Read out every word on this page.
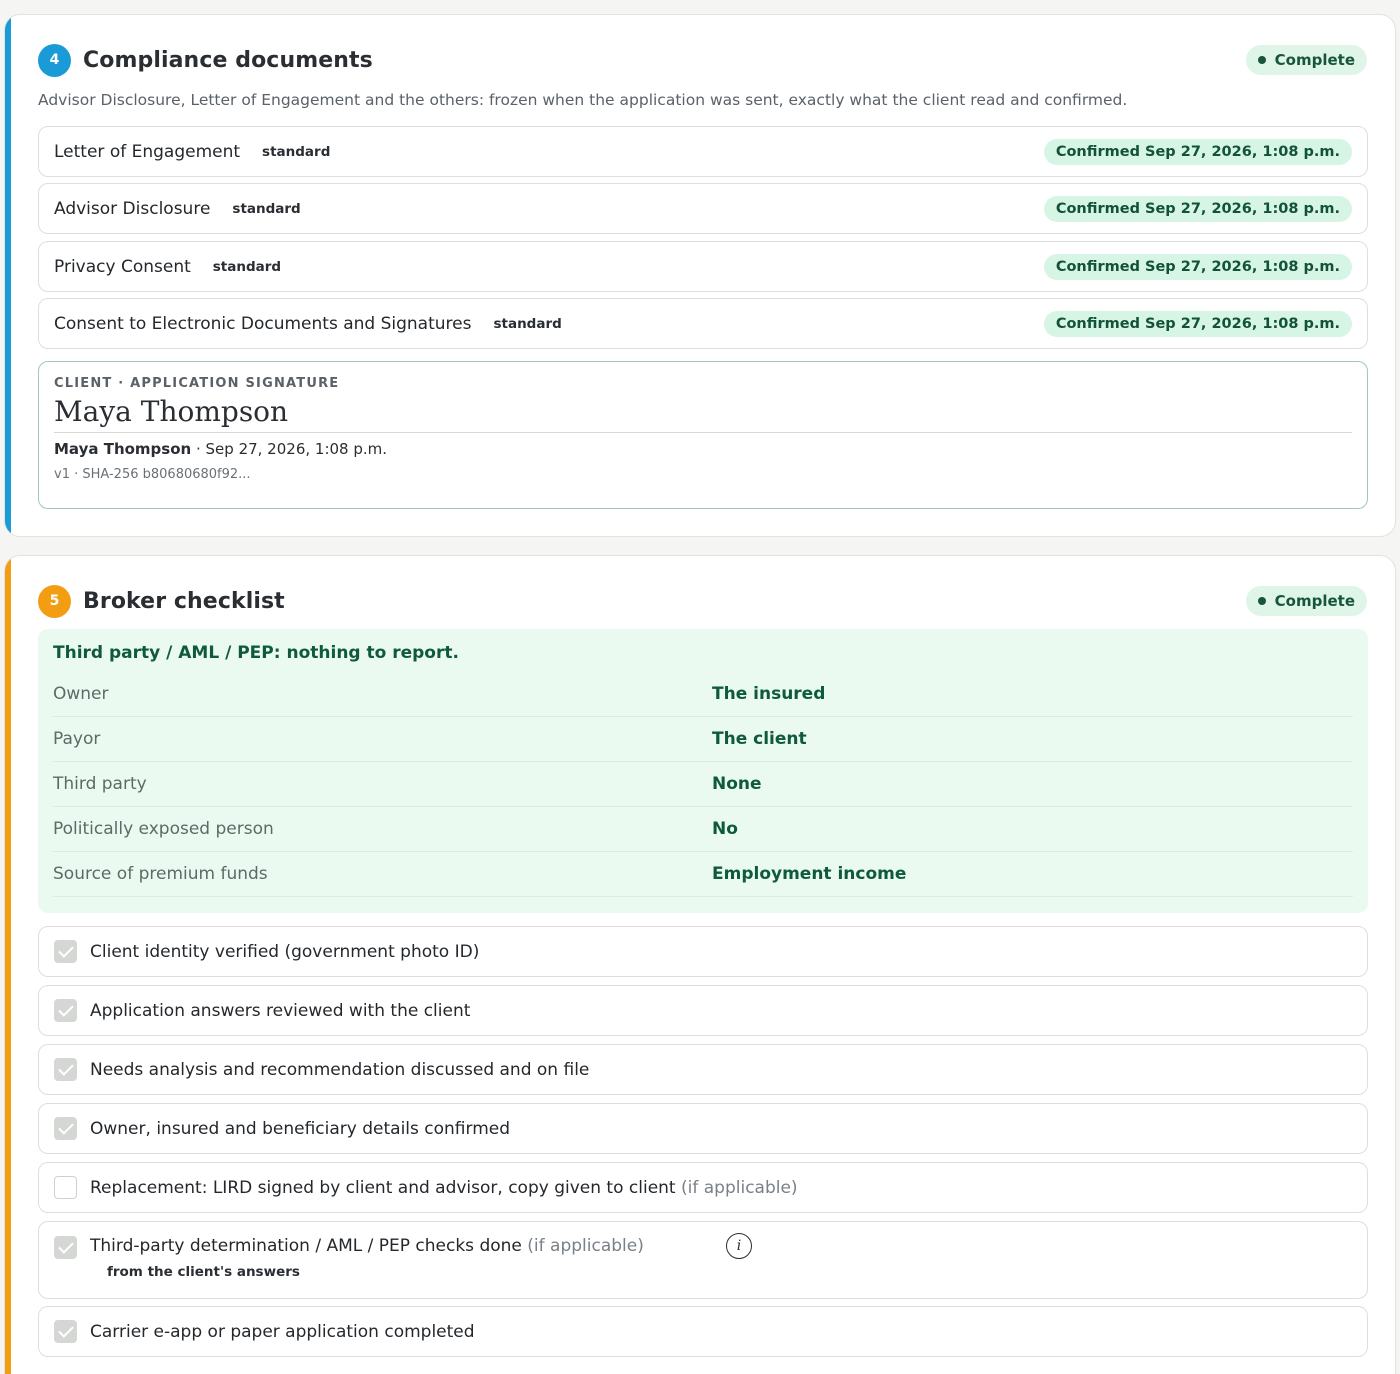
4	Compliance documents	Complete

Advisor Disclosure, Letter of Engagement and the others: frozen when the application was sent, exactly what the client read and confirmed.

Letter of Engagement standard	Confirmed Sep 27, 2026, 1:08 p.m.
Advisor Disclosure standard	Confirmed Sep 27, 2026, 1:08 p.m.
Privacy Consent standard	Confirmed Sep 27, 2026, 1:08 p.m.
Consent to Electronic Documents and Signatures standard	Confirmed Sep 27, 2026, 1:08 p.m.
CLIENT · APPLICATION SIGNATURE
Maya Thompson
Maya Thompson · Sep 27, 2026, 1:08 p.m.
v1 · SHA-256 b80680680f92...
5	Broker checklist	Complete
Third party / AML / PEP: nothing to report.
Owner	The insured
Payor	The client
Third party	None
Politically exposed person	No
Source of premium funds	Employment income
Client identity verified (government photo ID)
Application answers reviewed with the client
Needs analysis and recommendation discussed and on file
Owner, insured and beneficiary details confirmed
Replacement: LIRD signed by client and advisor, copy given to client (if applicable)
Third-party determination / AML / PEP checks done (if applicable)	i
from the client's answers
Carrier e-app or paper application completed
